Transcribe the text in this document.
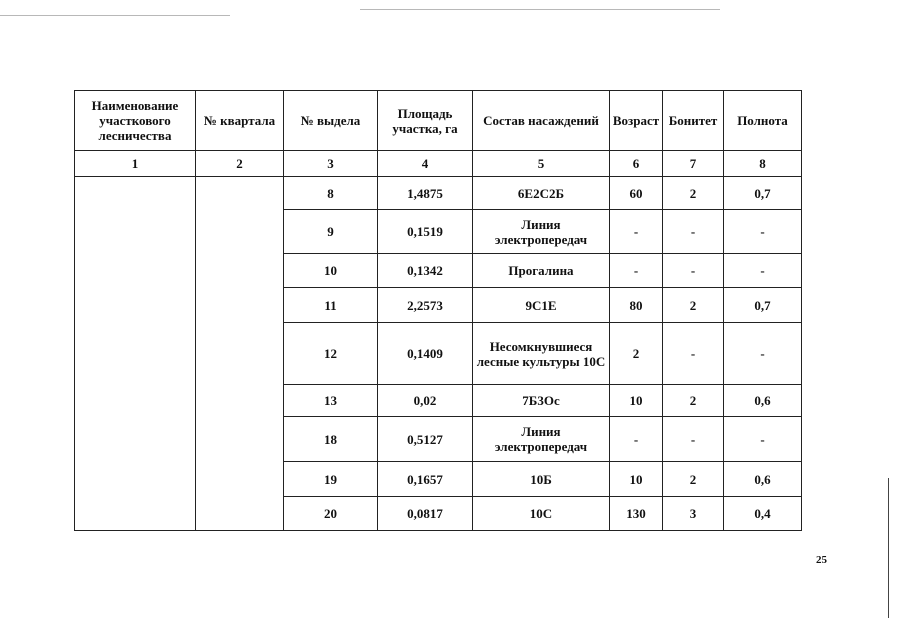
Наименование участкового лесничества	№ квартала	№ выдела	Площадь участка, га	Состав насаждений	Возраст	Бонитет	Полнота
1	2	3	4	5	6	7	8
		8	1,4875	6Е2С2Б	60	2	0,7
		9	0,1519	Линия электропередач	-	-	-
		10	0,1342	Прогалина	-	-	-
		11	2,2573	9С1Е	80	2	0,7
		12	0,1409	Несомкнувшиеся лесные культуры 10С	2	-	-
		13	0,02	7Б3Ос	10	2	0,6
		18	0,5127	Линия электропередач	-	-	-
		19	0,1657	10Б	10	2	0,6
		20	0,0817	10С	130	3	0,4
25
